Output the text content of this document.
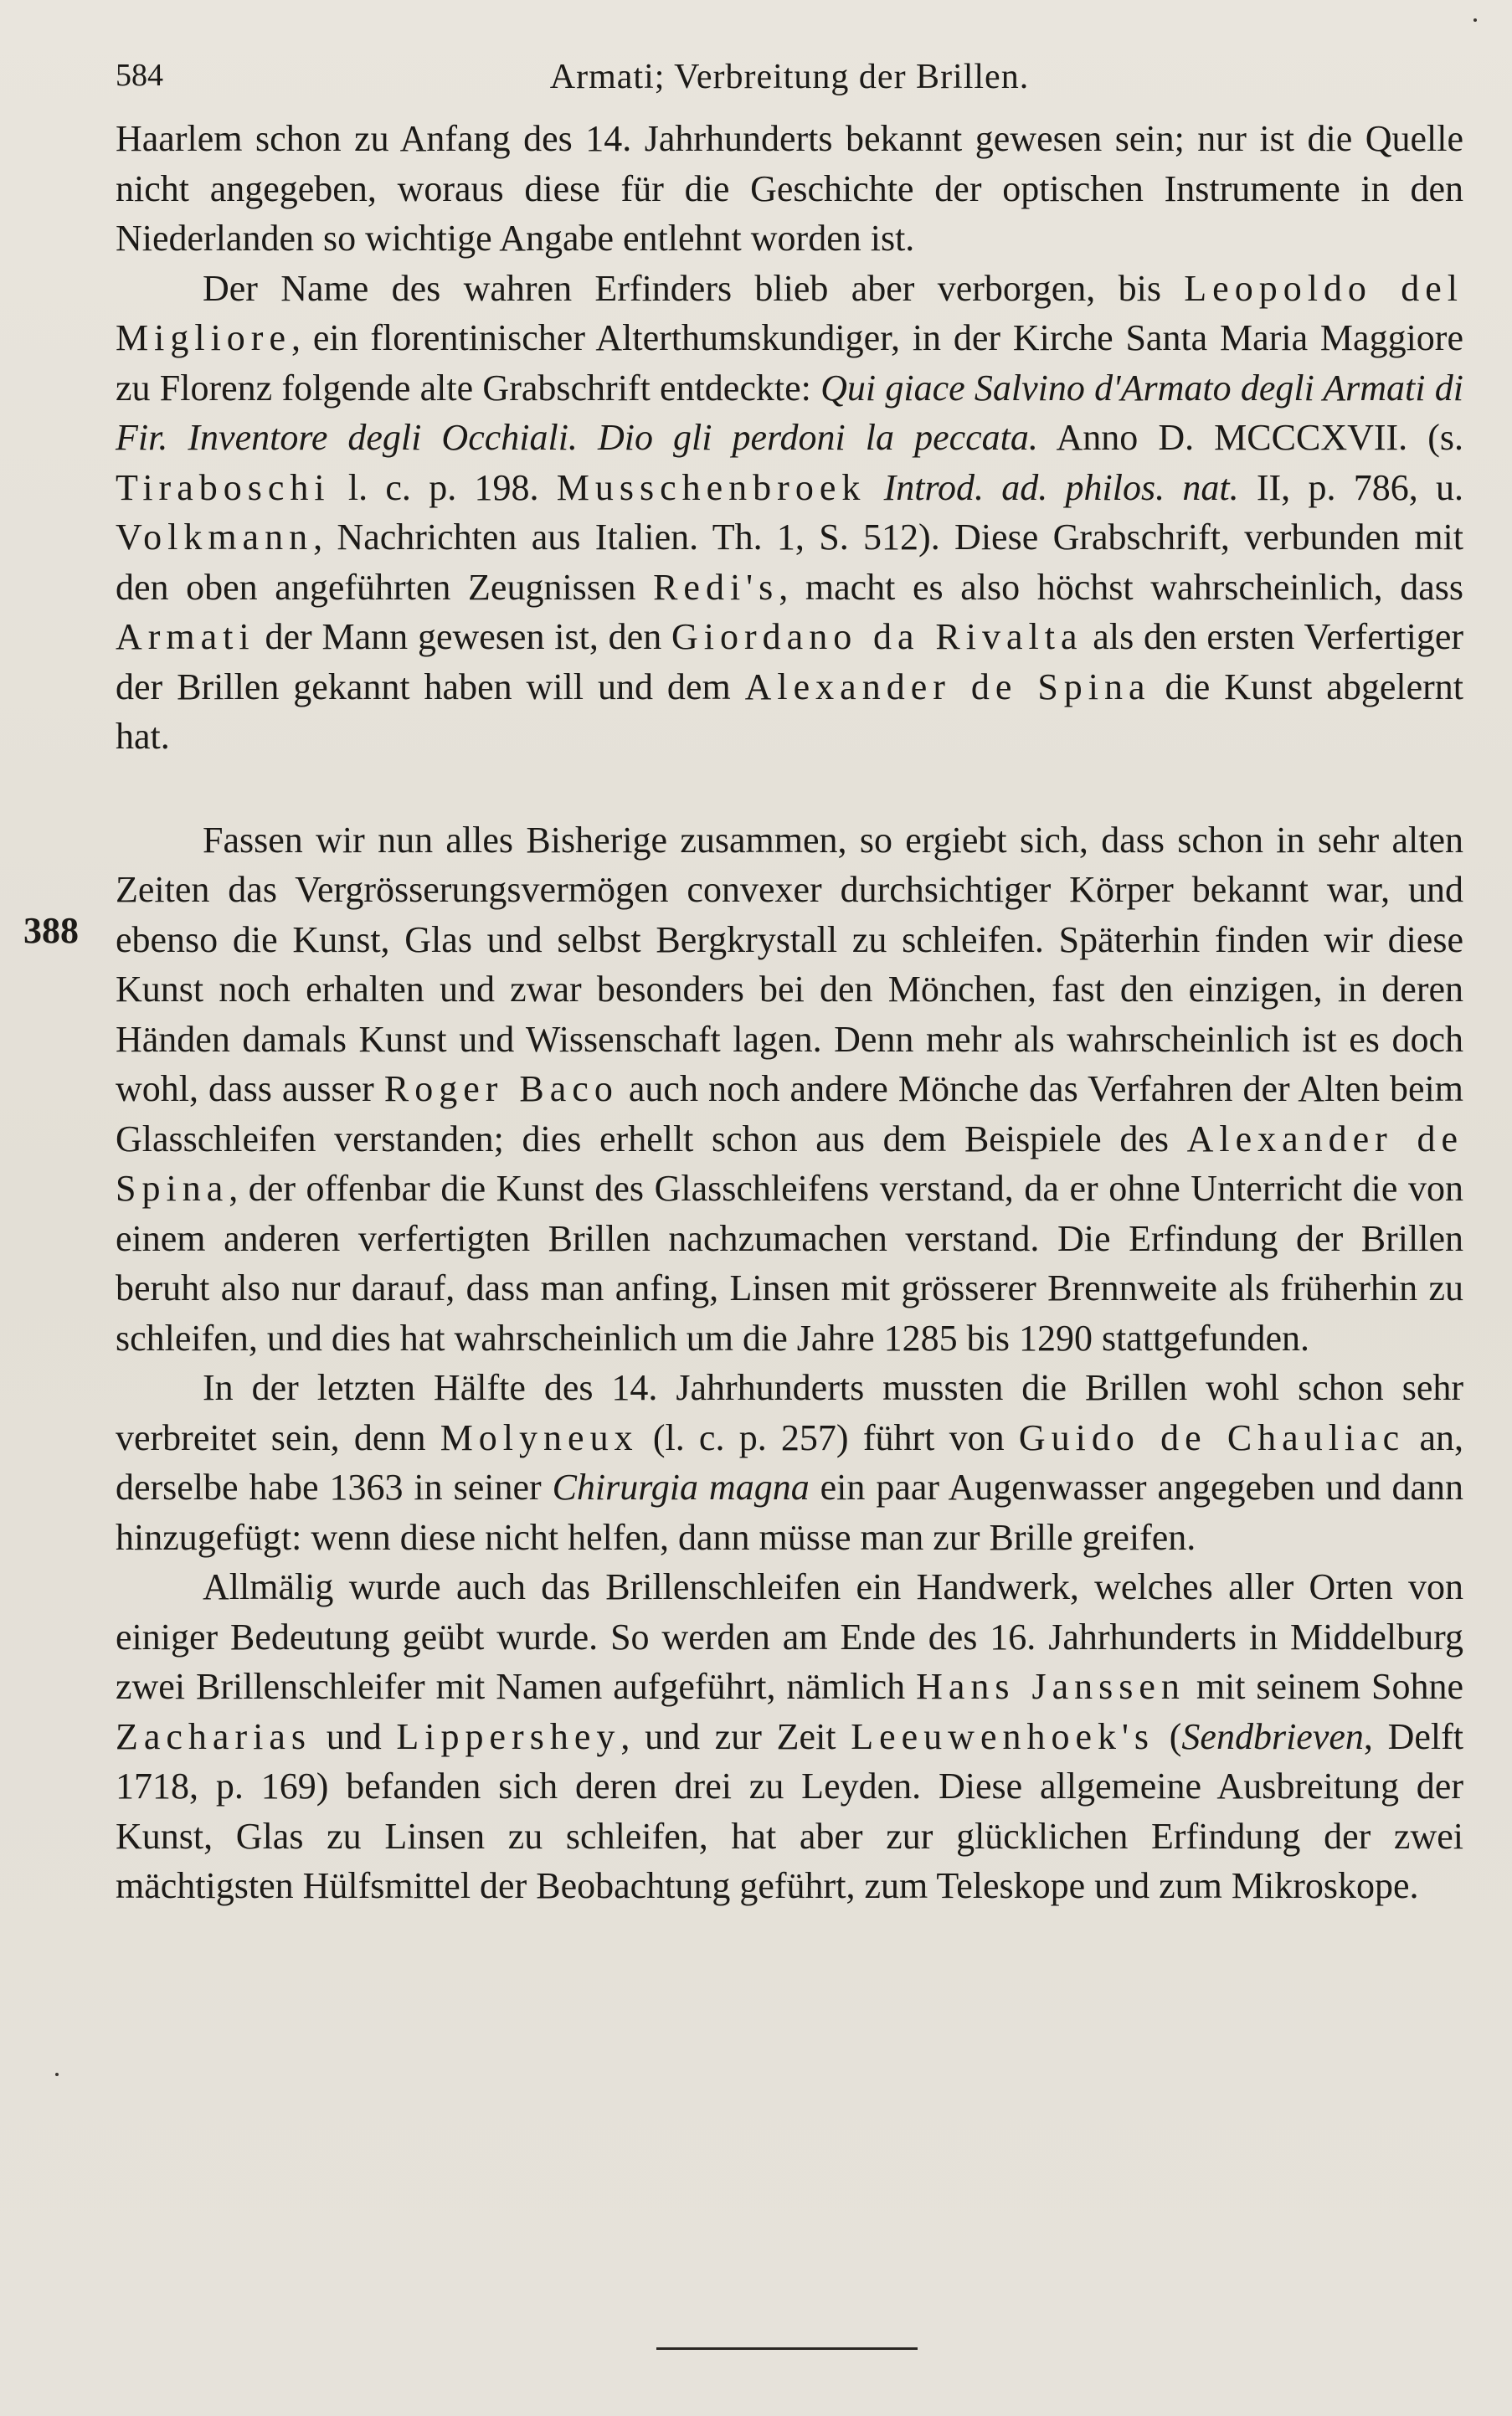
584	Armati; Verbreitung der Brillen.
388

Haarlem schon zu Anfang des 14. Jahrhunderts bekannt gewesen sein; nur ist die Quelle nicht angegeben, woraus diese für die Geschichte der optischen Instrumente in den Niederlanden so wichtige Angabe entlehnt worden ist.

Der Name des wahren Erfinders blieb aber verborgen, bis Leopoldo del Migliore, ein florentinischer Alterthumskundiger, in der Kirche Santa Maria Maggiore zu Florenz folgende alte Grabschrift entdeckte: Qui giace Salvino d'Armato degli Armati di Fir. Inventore degli Occhiali. Dio gli perdoni la peccata. Anno D. MCCCXVII. (s. Tiraboschi l. c. p. 198. Musschenbroek Introd. ad. philos. nat. II, p. 786, u. Volkmann, Nachrichten aus Italien. Th. 1, S. 512). Diese Grabschrift, verbunden mit den oben angeführten Zeugnissen Redi's, macht es also höchst wahrscheinlich, dass Armati der Mann gewesen ist, den Giordano da Rivalta als den ersten Verfertiger der Brillen gekannt haben will und dem Alexander de Spina die Kunst abgelernt hat.

Fassen wir nun alles Bisherige zusammen, so ergiebt sich, dass schon in sehr alten Zeiten das Vergrösserungsvermögen convexer durchsichtiger Körper bekannt war, und ebenso die Kunst, Glas und selbst Bergkrystall zu schleifen. Späterhin finden wir diese Kunst noch erhalten und zwar besonders bei den Mönchen, fast den einzigen, in deren Händen damals Kunst und Wissenschaft lagen. Denn mehr als wahrscheinlich ist es doch wohl, dass ausser Roger Baco auch noch andere Mönche das Verfahren der Alten beim Glasschleifen verstanden; dies erhellt schon aus dem Beispiele des Alexander de Spina, der offenbar die Kunst des Glasschleifens verstand, da er ohne Unterricht die von einem anderen verfertigten Brillen nachzumachen verstand. Die Erfindung der Brillen beruht also nur darauf, dass man anfing, Linsen mit grösserer Brennweite als früherhin zu schleifen, und dies hat wahrscheinlich um die Jahre 1285 bis 1290 stattgefunden.

In der letzten Hälfte des 14. Jahrhunderts mussten die Brillen wohl schon sehr verbreitet sein, denn Molyneux (l. c. p. 257) führt von Guido de Chauliac an, derselbe habe 1363 in seiner Chirurgia magna ein paar Augenwasser angegeben und dann hinzugefügt: wenn diese nicht helfen, dann müsse man zur Brille greifen.

Allmälig wurde auch das Brillenschleifen ein Handwerk, welches aller Orten von einiger Bedeutung geübt wurde. So werden am Ende des 16. Jahrhunderts in Middelburg zwei Brillenschleifer mit Namen aufgeführt, nämlich Hans Janssen mit seinem Sohne Zacharias und Lippershey, und zur Zeit Leeuwenhoek's (Sendbrieven, Delft 1718, p. 169) befanden sich deren drei zu Leyden. Diese allgemeine Ausbreitung der Kunst, Glas zu Linsen zu schleifen, hat aber zur glücklichen Erfindung der zwei mächtigsten Hülfsmittel der Beobachtung geführt, zum Teleskope und zum Mikroskope.
